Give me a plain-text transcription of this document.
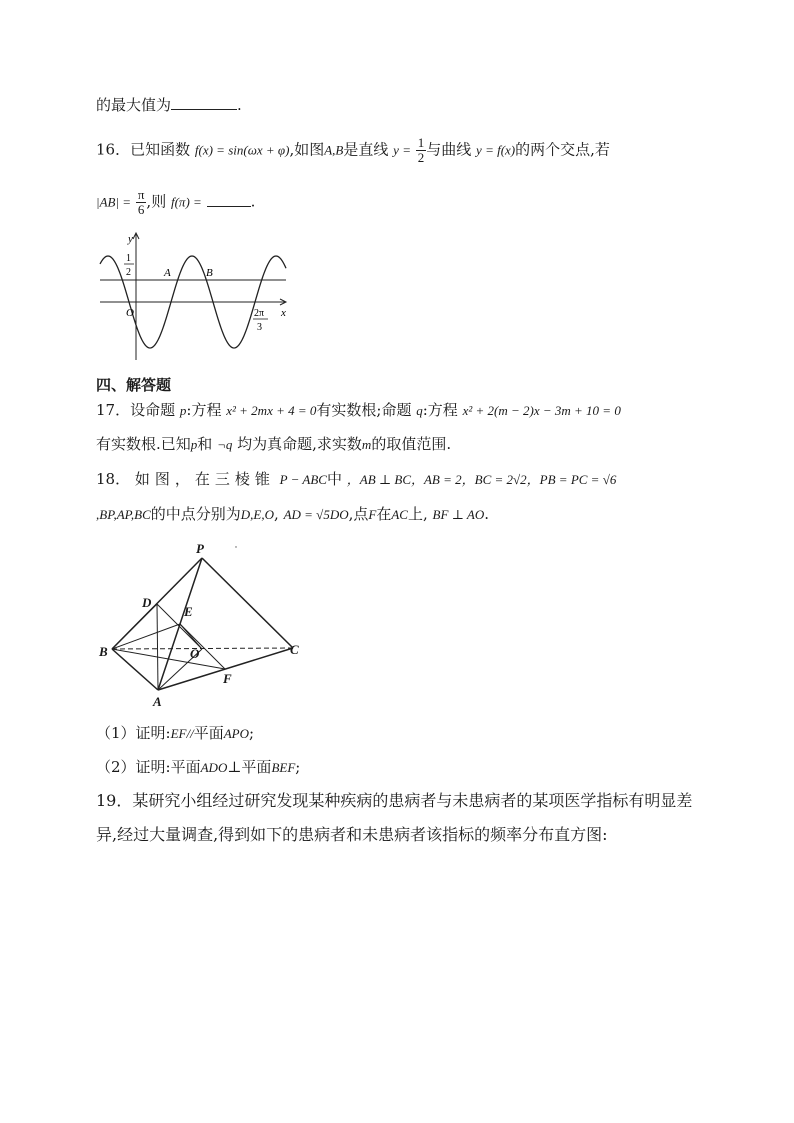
的最大值为	.
16．已知函数 f(x) = sin(ωx + φ),如图A,B是直线 $y = \frac{1}{2}$ 与曲线 y = f(x)的两个交点,若
$|AB| = \frac{\pi}{6}$ ,则 f(π) =	.
y
x
O
1
2	A	B
2π
3
四、解答题
17．设命题 p:方程 x² + 2mx + 4 = 0有实数根;命题 q:方程 x² + 2(m − 2)x − 3m + 10 = 0
有实数根.已知p和 ¬q 均为真命题,求实数m的取值范围.
18． 如图，在三棱锥 P − ABC中 ，AB ⊥ BC，AB = 2，BC = 2√2，PB = PC = √6
,BP,AP,BC的中点分别为D,E,O, AD = √5DO,点F在AC上, BF ⊥ AO.
P
D
E
B	O	C
F
A
（1）证明:EF//平面APO;
（2）证明:平面ADO⊥平面BEF;
19．某研究小组经过研究发现某种疾病的患病者与未患病者的某项医学指标有明显差
异,经过大量调查,得到如下的患病者和未患病者该指标的频率分布直方图:
